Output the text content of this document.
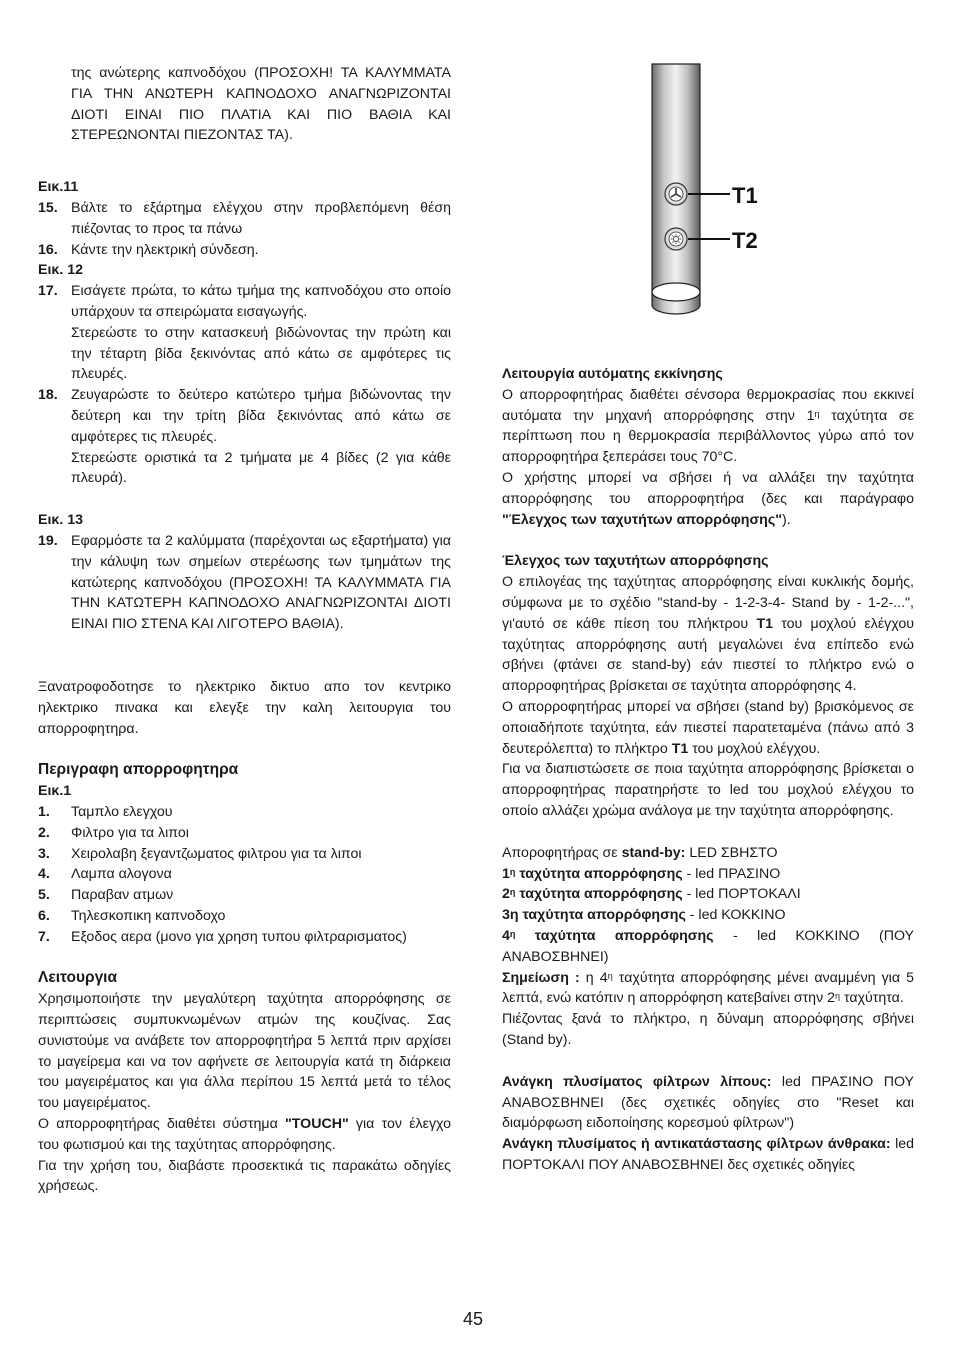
της ανώτερης καπνοδόχου (ΠΡΟΣΟΧΗ! ΤΑ ΚΑΛΥΜΜΑΤΑ ΓΙΑ ΤΗΝ ΑΝΩΤΕΡΗ ΚΑΠΝΟΔΟΧΟ ΑΝΑΓΝΩΡΙΖΟΝΤΑΙ ΔΙΟΤΙ ΕΙΝΑΙ ΠΙΟ ΠΛΑΤΙΑ ΚΑΙ ΠΙΟ ΒΑΘΙΑ ΚΑΙ ΣΤΕΡΕΩΝΟΝΤΑΙ ΠΙΕΖΟΝΤΑΣ ΤΑ).

Εικ.11
15. Βάλτε το εξάρτημα ελέγχου στην προβλεπόμενη θέση πιέζοντας το προς τα πάνω
16. Κάντε την ηλεκτρική σύνδεση.
Εικ. 12
17. Εισάγετε πρώτα, το κάτω τμήμα της καπνοδόχου στο οποίο υπάρχουν τα σπειρώματα εισαγωγής.
Στερεώστε το στην κατασκευή βιδώνοντας την πρώτη και την τέταρτη βίδα ξεκινόντας από κάτω σε αμφότερες τις πλευρές.
18. Ζευγαρώστε το δεύτερο κατώτερο τμήμα βιδώνοντας την δεύτερη και την τρίτη βίδα ξεκινόντας από κάτω σε αμφότερες τις πλευρές.
Στερεώστε οριστικά τα 2 τμήματα με 4 βίδες (2 για κάθε πλευρά).
Εικ. 13
19. Εφαρμόστε τα 2 καλύμματα (παρέχονται ως εξαρτήματα) για την κάλυψη των σημείων στερέωσης των τμημάτων της κατώτερης καπνοδόχου (ΠΡΟΣΟΧΗ! ΤΑ ΚΑΛΥΜΜΑΤΑ ΓΙΑ ΤΗΝ ΚΑΤΩΤΕΡΗ ΚΑΠΝΟΔΟΧΟ ΑΝΑΓΝΩΡΙΖΟΝΤΑΙ ΔΙΟΤΙ ΕΙΝΑΙ ΠΙΟ ΣΤΕΝΑ ΚΑΙ ΛΙΓΟΤΕΡΟ ΒΑΘΙΑ).

Ξανατροφοδοτησε το ηλεκτρικο δικτυο απο τον κεντρικο ηλεκτρικο πινακα και ελεγξε την καλη λειτουργια του απορροφητηρα.

Περιγραφη απορροφητηρα
Εικ.1
1.	Ταμπλο ελεγχου
2.	Φιλτρο για τα λιποι
3.	Χειρολαβη ξεγαντζωματος φιλτρου για τα λιποι
4.	Λαμπα αλογονα
5.	Παραβαν ατμων
6.	Τηλεσκοπικη καπνοδοχο
7.	Εξοδος αερα (μονο για χρηση τυπου φιλτραρισματος)
Λειτουργια

Χρησιμοποιήστε την μεγαλύτερη ταχύτητα απορρόφησης σε περιπτώσεις συμπυκνωμένων ατμών της κουζίνας. Σας συνιστούμε να ανάβετε τον απορροφητήρα 5 λεπτά πριν αρχίσει το μαγείρεμα και να τον αφήνετε σε λειτουργία κατά τη διάρκεια του μαγειρέματος και για άλλα περίπου 15 λεπτά μετά το τέλος του μαγειρέματος.

Ο απορροφητήρας διαθέτει σύστημα "TOUCH" για τον έλεγχο του φωτισμού και της ταχύτητας απορρόφησης.

Για την χρήση του, διαβάστε προσεκτικά τις παρακάτω οδηγίες χρήσεως.

T1
T2
Λειτουργία αυτόματης εκκίνησης

Ο απορροφητήρας διαθέτει σένσορα θερμοκρασίας που εκκινεί αυτόματα την μηχανή απορρόφησης στην $1^\eta$ ταχύτητα σε περίπτωση που η θερμοκρασία περιβάλλοντος γύρω από τον απορροφητήρα ξεπεράσει τους 70°C.

Ο χρήστης μπορεί να σβήσει ή να αλλάξει την ταχύτητα απορρόφησης του απορροφητήρα (δες και παράγραφο "Έλεγχος των ταχυτήτων απορρόφησης").

Έλεγχος των ταχυτήτων απορρόφησης

Ο επιλογέας της ταχύτητας απορρόφησης είναι κυκλικής δομής, σύμφωνα με το σχέδιο "stand-by - 1-2-3-4- Stand by - 1-2-...", γι'αυτό σε κάθε πίεση του πλήκτρου T1 του μοχλού ελέγχου ταχύτητας απορρόφησης αυτή μεγαλώνει ένα επίπεδο ενώ σβήνει (φτάνει σε stand-by) εάν πιεστεί το πλήκτρο ενώ ο απορροφητήρας βρίσκεται σε ταχύτητα απορρόφησης 4.

Ο απορροφητήρας μπορεί να σβήσει (stand by) βρισκόμενος σε οποιαδήποτε ταχύτητα, εάν πιεστεί παρατεταμένα (πάνω από 3 δευτερόλεπτα) το πλήκτρο T1 του μοχλού ελέγχου.

Για να διαπιστώσετε σε ποια ταχύτητα απορρόφησης βρίσκεται ο απορροφητήρας παρατηρήστε το led του μοχλού ελέγχου το οποίο αλλάζει χρώμα ανάλογα με την ταχύτητα απορρόφησης.

Αποροφητήρας σε stand-by: LED ΣΒΗΣΤΟ

$1^\eta$ ταχύτητα απορρόφησης - led ΠΡΑΣΙΝΟ

$2^\eta$ ταχύτητα απορρόφησης - led ΠΟΡΤΟΚΑΛΙ

3η ταχύτητα απορρόφησης - led ΚΟΚΚΙΝΟ

$4^\eta$ ταχύτητα απορρόφησης - led ΚΟΚΚΙΝΟ (ΠΟΥ ΑΝΑΒΟΣΒΗΝΕΙ)

Σημείωση : η $4^\eta$ ταχύτητα απορρόφησης μένει αναμμένη για 5 λεπτά, ενώ κατόπιν η απορρόφηση κατεβαίνει στην $2^\eta$ ταχύτητα.

Πιέζοντας ξανά το πλήκτρο, η δύναμη απορρόφησης σβήνει (Stand by).

Ανάγκη πλυσίματος φίλτρων λίπους: led ΠΡΑΣΙΝΟ ΠΟΥ ΑΝΑΒΟΣΒΗΝΕΙ (δες σχετικές οδηγίες στο "Reset και διαμόρφωση ειδοποίησης κορεσμού φίλτρων")

Ανάγκη πλυσίματος ή αντικατάστασης φίλτρων άνθρακα: led ΠΟΡΤΟΚΑΛΙ ΠΟΥ ΑΝΑΒΟΣΒΗΝΕΙ δες σχετικές οδηγίες

45
